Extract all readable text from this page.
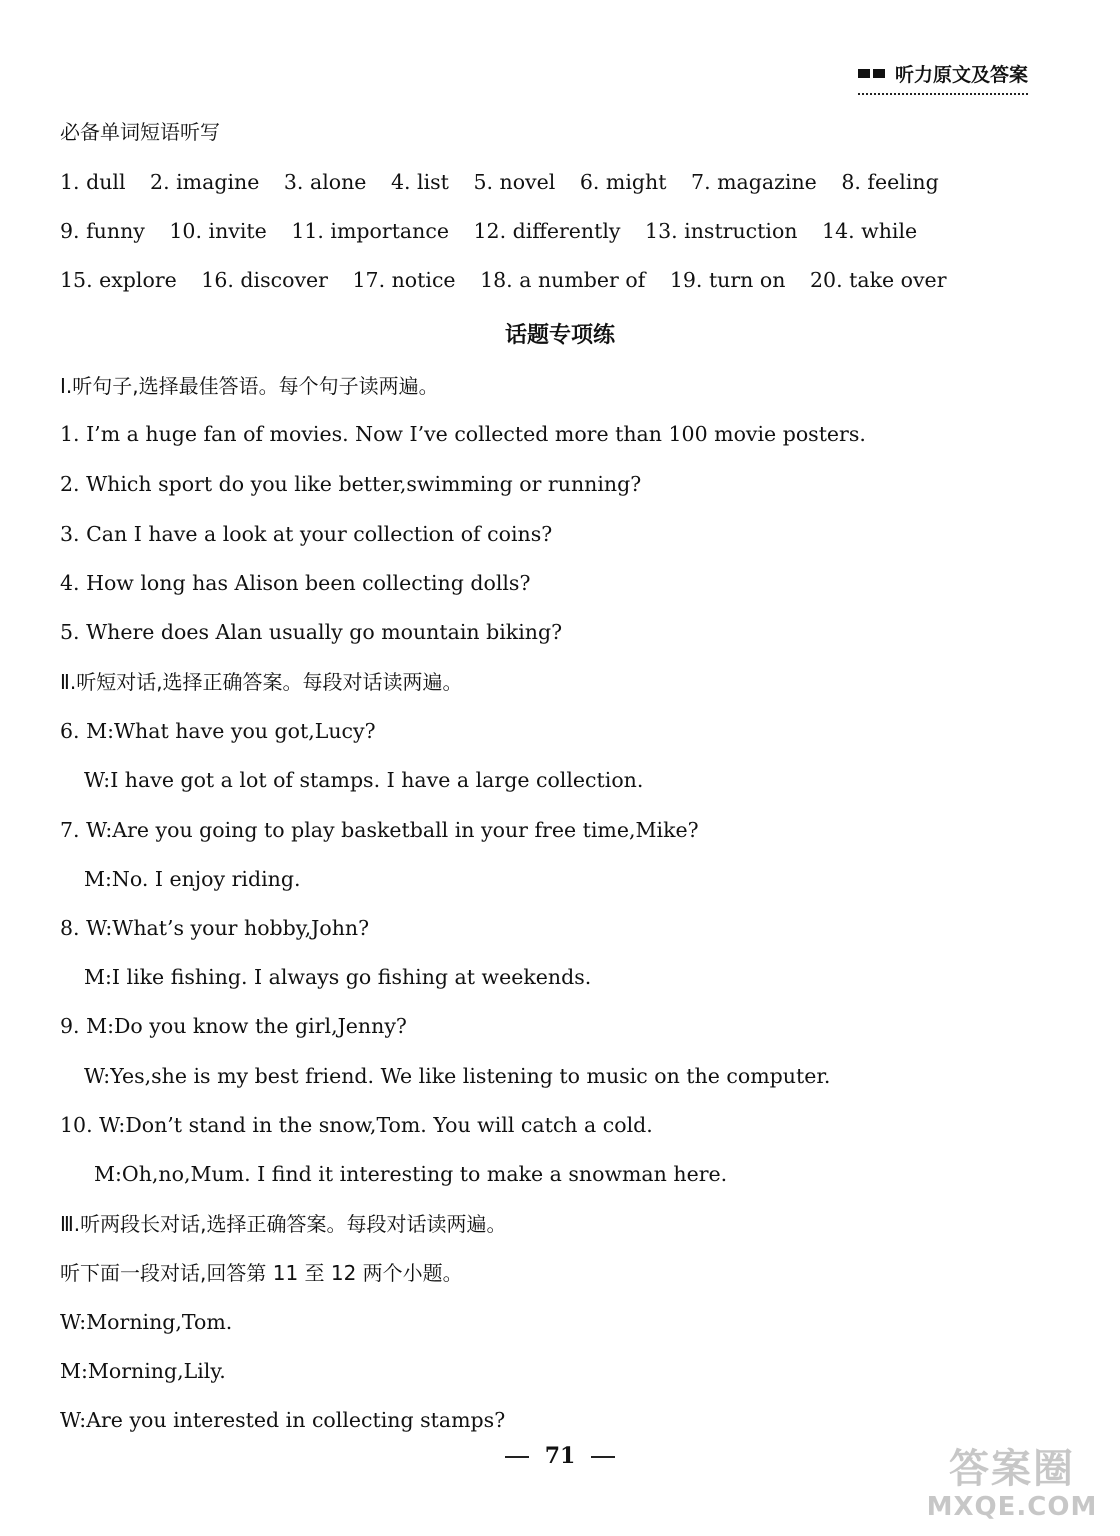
听力原文及答案
必备单词短语听写
1. dull 2. imagine 3. alone 4. list 5. novel 6. might 7. magazine 8. feeling
9. funny 10. invite 11. importance 12. differently 13. instruction 14. while
15. explore 16. discover 17. notice 18. a number of 19. turn on 20. take over
话题专项练
Ⅰ.听句子,选择最佳答语。每个句子读两遍。
1. I’m a huge fan of movies. Now I’ve collected more than 100 movie posters.
2. Which sport do you like better,swimming or running?
3. Can I have a look at your collection of coins?
4. How long has Alison been collecting dolls?
5. Where does Alan usually go mountain biking?
Ⅱ.听短对话,选择正确答案。每段对话读两遍。
6. M:What have you got,Lucy?
W:I have got a lot of stamps. I have a large collection.
7. W:Are you going to play basketball in your free time,Mike?
M:No. I enjoy riding.
8. W:What’s your hobby,John?
M:I like fishing. I always go fishing at weekends.
9. M:Do you know the girl,Jenny?
W:Yes,she is my best friend. We like listening to music on the computer.
10. W:Don’t stand in the snow,Tom. You will catch a cold.
M:Oh,no,Mum. I find it interesting to make a snowman here.
Ⅲ.听两段长对话,选择正确答案。每段对话读两遍。
听下面一段对话,回答第 11 至 12 两个小题。
W:Morning,Tom.
M:Morning,Lily.
W:Are you interested in collecting stamps?
71	答案圈
MXQE.COM
